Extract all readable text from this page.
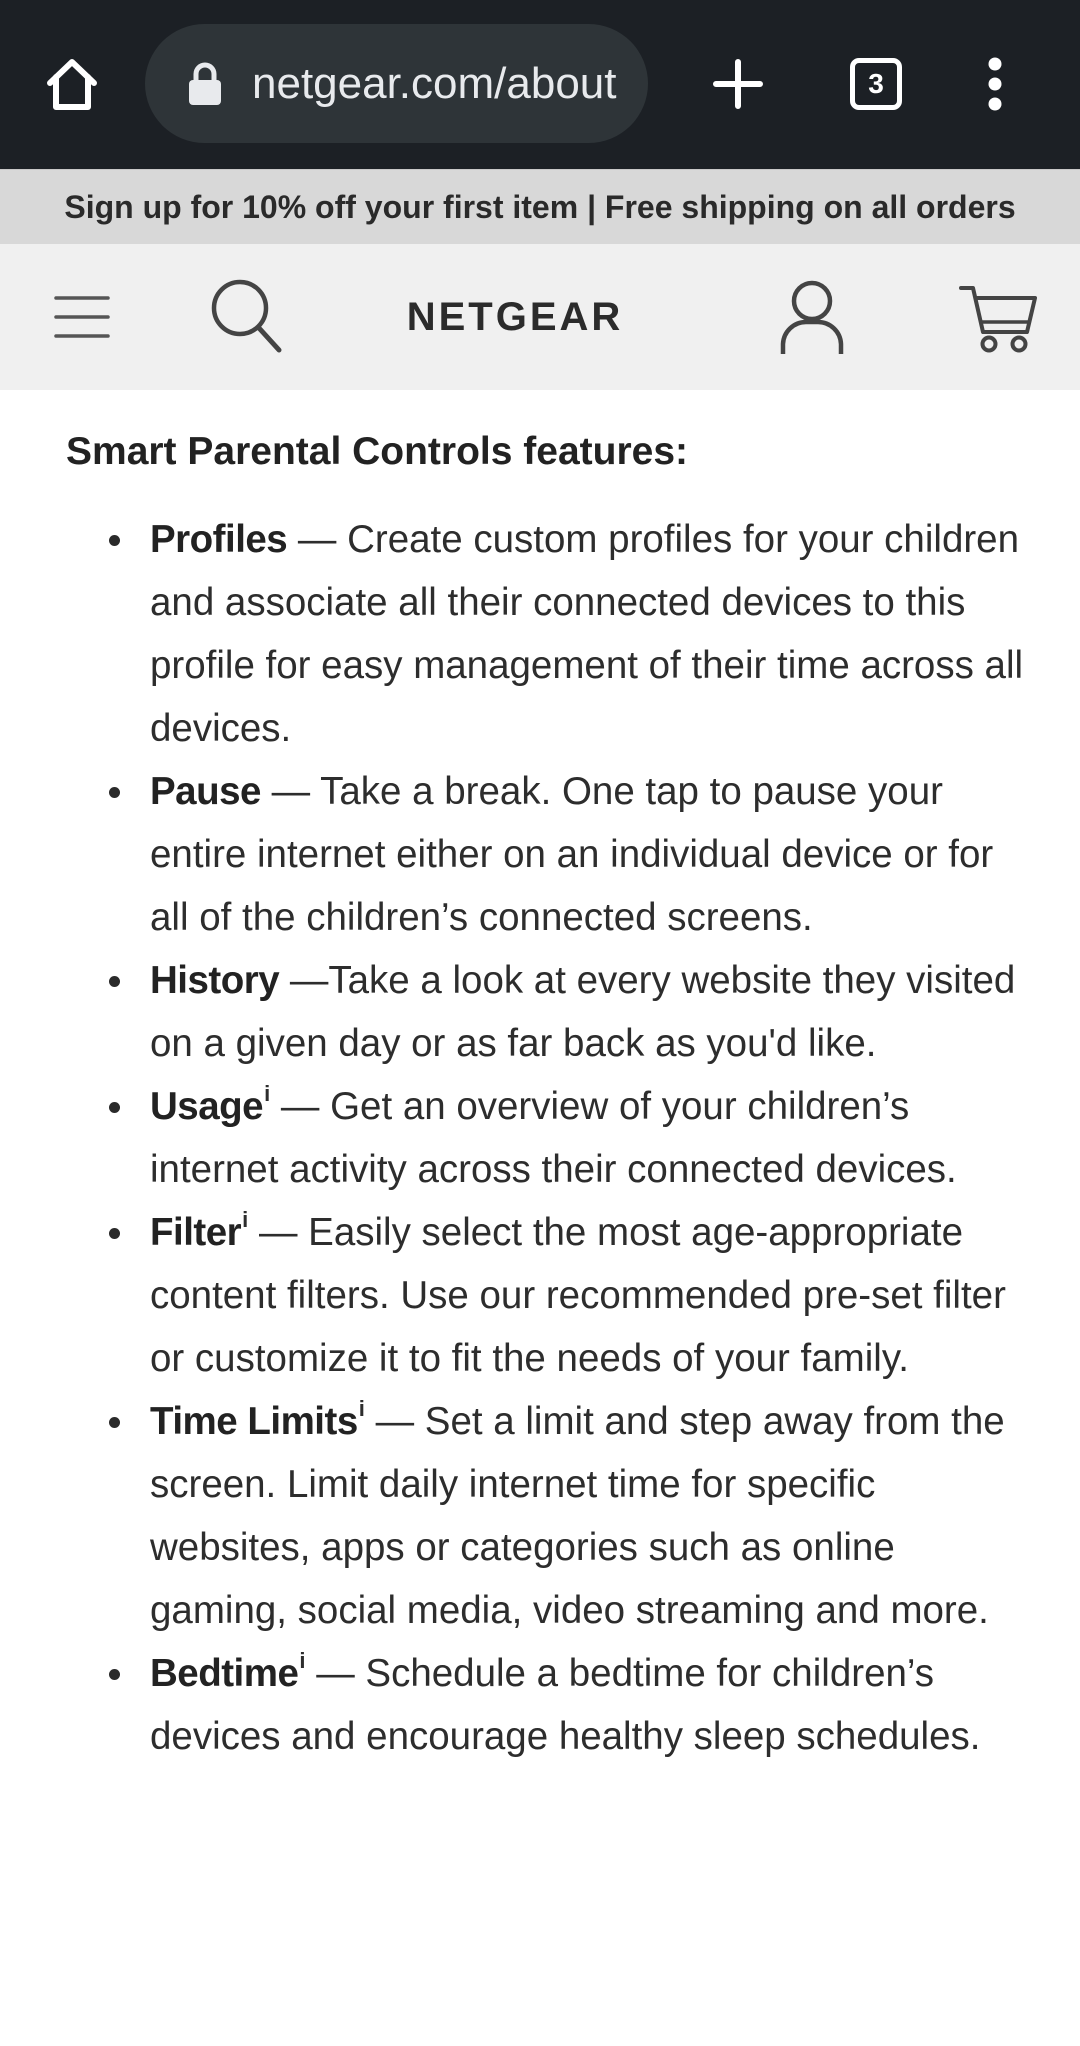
netgear.com/about	3
Sign up for 10% off your first item | Free shipping on all orders
NETGEAR
Smart Parental Controls features:
Profiles — Create custom profiles for your children and associate all their connected devices to this profile for easy management of their time across all devices.
Pause — Take a break. One tap to pause your entire internet either on an individual device or for all of the children’s connected screens.
History —Take a look at every website they visited on a given day or as far back as you'd like.
Usage$^i$ — Get an overview of your children’s internet activity across their connected devices.
Filter$^i$ — Easily select the most age-appropriate content filters. Use our recommended pre-set filter or customize it to fit the needs of your family.
Time Limits$^i$ — Set a limit and step away from the screen. Limit daily internet time for specific websites, apps or categories such as online gaming, social media, video streaming and more.
Bedtime$^i$ — Schedule a bedtime for children’s devices and encourage healthy sleep schedules.
